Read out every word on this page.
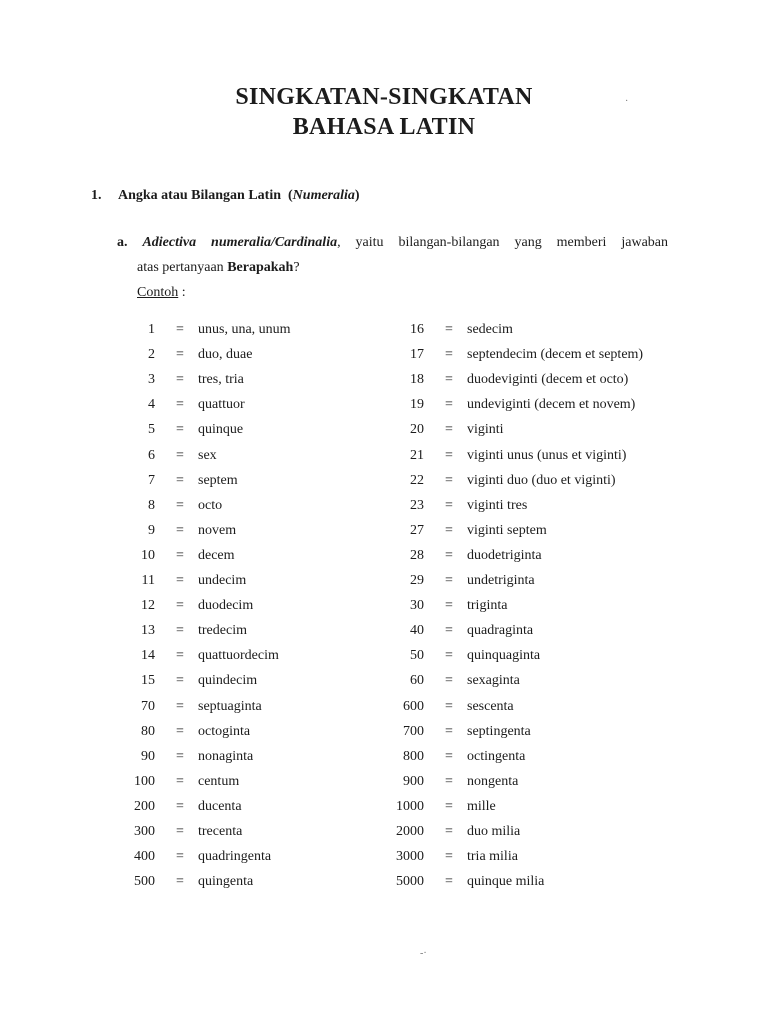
SINGKATAN-SINGKATAN
BAHASA LATIN
1. Angka atau Bilangan Latin (Numeralia)
a. Adiectiva numeralia/Cardinalia, yaitu bilangan-bilangan yang memberi jawaban
atas pertanyaan Berapakah?
Contoh :
1 = unus, una, unum
2 = duo, duae
3 = tres, tria
4 = quattuor
5 = quinque
6 = sex
7 = septem
8 = octo
9 = novem
10 = decem
11 = undecim
12 = duodecim
13 = tredecim
14 = quattuordecim
15 = quindecim
70 = septuaginta
80 = octoginta
90 = nonaginta
100 = centum
200 = ducenta
300 = trecenta
400 = quadringenta
500 = quingenta
16 = sedecim
17 = septendecim (decem et septem)
18 = duodeviginti (decem et octo)
19 = undeviginti (decem et novem)
20 = viginti
21 = viginti unus (unus et viginti)
22 = viginti duo (duo et viginti)
23 = viginti tres
27 = viginti septem
28 = duodetriginta
29 = undetriginta
30 = triginta
40 = quadraginta
50 = quinquaginta
60 = sexaginta
600 = sescenta
700 = septingenta
800 = octingenta
900 = nongenta
1000 = mille
2000 = duo milia
3000 = tria milia
5000 = quinque milia
·
-·
